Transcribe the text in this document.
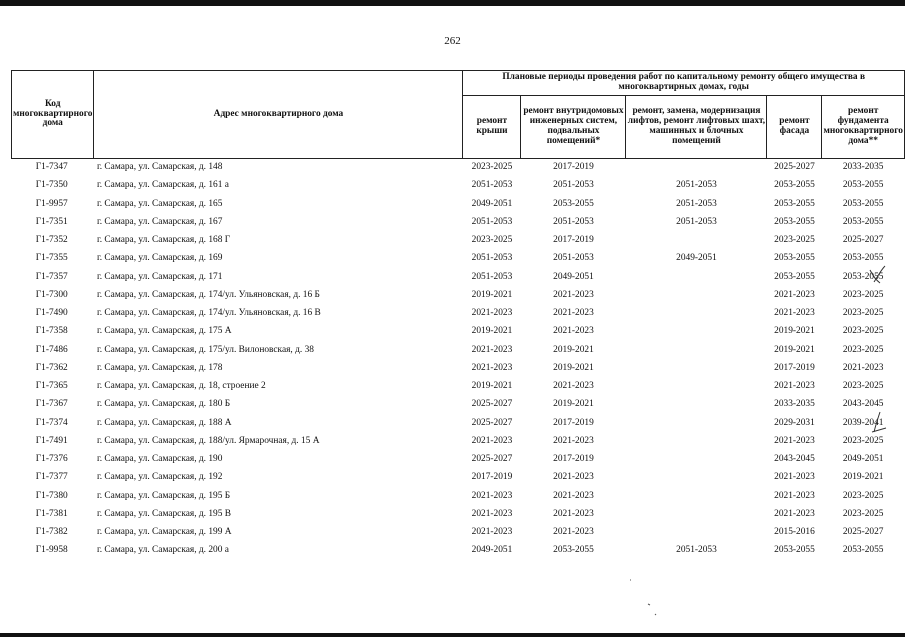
262
Код многоквартирного дома	Адрес многоквартирного дома	Плановые периоды проведения работ по капитальному ремонту общего имущества в многоквартирных домах, годы				
		ремонт крыши	ремонт внутридомовых инженерных систем, подвальных помещений*	ремонт, замена, модернизация лифтов, ремонт лифтовых шахт, машинных и блочных помещений	ремонт фасада	ремонт фундамента многоквартирного дома**
Г1-7347	г. Самара, ул. Самарская, д. 148	2023-2025	2017-2019		2025-2027	2033-2035
Г1-7350	г. Самара, ул. Самарская, д. 161 а	2051-2053	2051-2053	2051-2053	2053-2055	2053-2055
Г1-9957	г. Самара, ул. Самарская, д. 165	2049-2051	2053-2055	2051-2053	2053-2055	2053-2055
Г1-7351	г. Самара, ул. Самарская, д. 167	2051-2053	2051-2053	2051-2053	2053-2055	2053-2055
Г1-7352	г. Самара, ул. Самарская, д. 168 Г	2023-2025	2017-2019		2023-2025	2025-2027
Г1-7355	г. Самара, ул. Самарская, д. 169	2051-2053	2051-2053	2049-2051	2053-2055	2053-2055
Г1-7357	г. Самара, ул. Самарская, д. 171	2051-2053	2049-2051		2053-2055	2053-2055
Г1-7300	г. Самара, ул. Самарская, д. 174/ул. Ульяновская, д. 16 Б	2019-2021	2021-2023		2021-2023	2023-2025
Г1-7490	г. Самара, ул. Самарская, д. 174/ул. Ульяновская, д. 16 В	2021-2023	2021-2023		2021-2023	2023-2025
Г1-7358	г. Самара, ул. Самарская, д. 175 А	2019-2021	2021-2023		2019-2021	2023-2025
Г1-7486	г. Самара, ул. Самарская, д. 175/ул. Вилоновская, д. 38	2021-2023	2019-2021		2019-2021	2023-2025
Г1-7362	г. Самара, ул. Самарская, д. 178	2021-2023	2019-2021		2017-2019	2021-2023
Г1-7365	г. Самара, ул. Самарская, д. 18, строение 2	2019-2021	2021-2023		2021-2023	2023-2025
Г1-7367	г. Самара, ул. Самарская, д. 180 Б	2025-2027	2019-2021		2033-2035	2043-2045
Г1-7374	г. Самара, ул. Самарская, д. 188 А	2025-2027	2017-2019		2029-2031	2039-2041
Г1-7491	г. Самара, ул. Самарская, д. 188/ул. Ярмарочная, д. 15 А	2021-2023	2021-2023		2021-2023	2023-2025
Г1-7376	г. Самара, ул. Самарская, д. 190	2025-2027	2017-2019		2043-2045	2049-2051
Г1-7377	г. Самара, ул. Самарская, д. 192	2017-2019	2021-2023		2021-2023	2019-2021
Г1-7380	г. Самара, ул. Самарская, д. 195 Б	2021-2023	2021-2023		2021-2023	2023-2025
Г1-7381	г. Самара, ул. Самарская, д. 195 В	2021-2023	2021-2023		2021-2023	2023-2025
Г1-7382	г. Самара, ул. Самарская, д. 199 А	2021-2023	2021-2023		2015-2016	2025-2027
Г1-9958	г. Самара, ул. Самарская, д. 200 а	2049-2051	2053-2055	2051-2053	2053-2055	2053-2055
